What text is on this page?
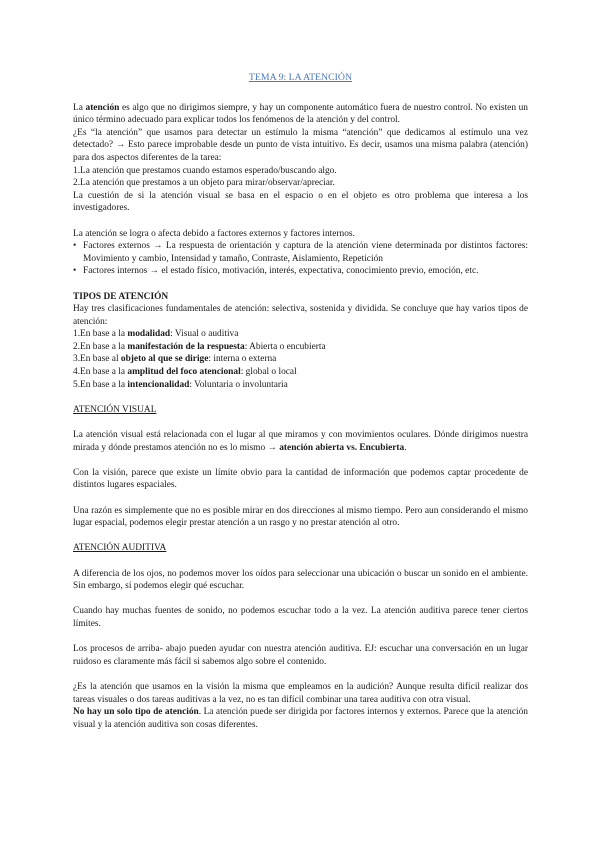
TEMA 9: LA ATENCIÓN

La atención es algo que no dirigimos siempre, y hay un componente automático fuera de nuestro control. No existen un único término adecuado para explicar todos los fenómenos de la atención y del control.

¿Es “la atención” que usamos para detectar un estímulo la misma “atención” que dedicamos al estímulo una vez detectado? → Esto parece improbable desde un punto de vista intuitivo. Es decir, usamos una misma palabra (atención) para dos aspectos diferentes de la tarea:

1.La atención que prestamos cuando estamos esperado/buscando algo.

2.La atención que prestamos a un objeto para mirar/observar/apreciar.

La cuestión de si la atención visual se basa en el espacio o en el objeto es otro problema que interesa a los investigadores.

La atención se logra o afecta debido a factores externos y factores internos.

• Factores externos → La respuesta de orientación y captura de la atención viene determinada por distintos factores: Movimiento y cambio, Intensidad y tamaño, Contraste, Aislamiento, Repetición
• Factores internos → el estado físico, motivación, interés, expectativa, conocimiento previo, emoción, etc.

TIPOS DE ATENCIÓN

Hay tres clasificaciones fundamentales de atención: selectiva, sostenida y dividida. Se concluye que hay varios tipos de atención:

1.En base a la modalidad: Visual o auditiva

2.En base a la manifestación de la respuesta: Abierta o encubierta

3.En base al objeto al que se dirige: interna o externa

4.En base a la amplitud del foco atencional: global o local

5.En base a la intencionalidad: Voluntaria o involuntaria

ATENCIÓN VISUAL

La atención visual está relacionada con el lugar al que miramos y con movimientos oculares. Dónde dirigimos nuestra mirada y dónde prestamos atención no es lo mismo → atención abierta vs. Encubierta.

Con la visión, parece que existe un límite obvio para la cantidad de información que podemos captar procedente de distintos lugares espaciales.

Una razón es simplemente que no es posible mirar en dos direcciones al mismo tiempo. Pero aun considerando el mismo lugar espacial, podemos elegir prestar atención a un rasgo y no prestar atención al otro.

ATENCIÓN AUDITIVA

A diferencia de los ojos, no podemos mover los oídos para seleccionar una ubicación o buscar un sonido en el ambiente. Sin embargo, sí podemos elegir qué escuchar.

Cuando hay muchas fuentes de sonido, no podemos escuchar todo a la vez. La atención auditiva parece tener ciertos límites.

Los procesos de arriba- abajo pueden ayudar con nuestra atención auditiva. EJ: escuchar una conversación en un lugar ruidoso es claramente más fácil si sabemos algo sobre el contenido.

¿Es la atención que usamos en la visión la misma que empleamos en la audición? Aunque resulta difícil realizar dos tareas visuales o dos tareas auditivas a la vez, no es tan difícil combinar una tarea auditiva con otra visual.

No hay un solo tipo de atención. La atención puede ser dirigida por factores internos y externos. Parece que la atención visual y la atención auditiva son cosas diferentes.
